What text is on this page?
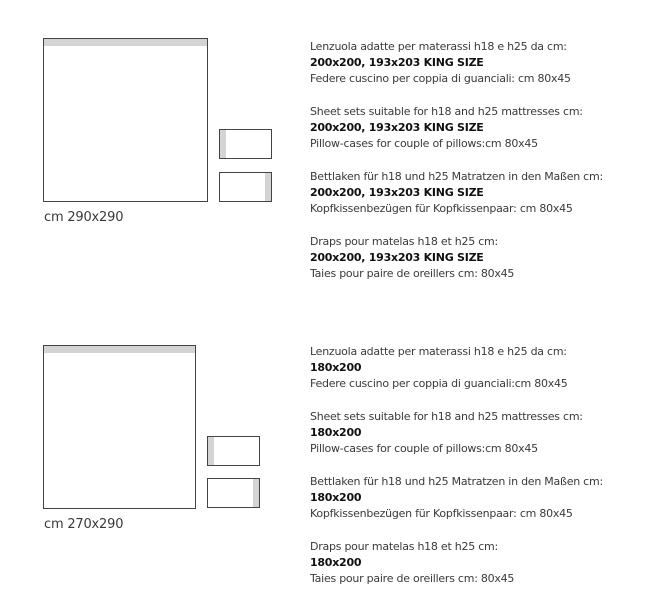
cm 290x290
Lenzuola adatte per materassi h18 e h25 da cm:
200x200, 193x203 KING SIZE
Federe cuscino per coppia di guanciali: cm 80x45
Sheet sets suitable for h18 and h25 mattresses cm:
200x200, 193x203 KING SIZE
Pillow-cases for couple of pillows:cm 80x45
Bettlaken für h18 und h25 Matratzen in den Maßen cm:
200x200, 193x203 KING SIZE
Kopfkissenbezügen für Kopfkissenpaar: cm 80x45
Draps pour matelas h18 et h25 cm:
200x200, 193x203 KING SIZE
Taies pour paire de oreillers cm: 80x45
cm 270x290
Lenzuola adatte per materassi h18 e h25 da cm:
180x200
Federe cuscino per coppia di guanciali:cm 80x45
Sheet sets suitable for h18 and h25 mattresses cm:
180x200
Pillow-cases for couple of pillows:cm 80x45
Bettlaken für h18 und h25 Matratzen in den Maßen cm:
180x200
Kopfkissenbezügen für Kopfkissenpaar: cm 80x45
Draps pour matelas h18 et h25 cm:
180x200
Taies pour paire de oreillers cm: 80x45
